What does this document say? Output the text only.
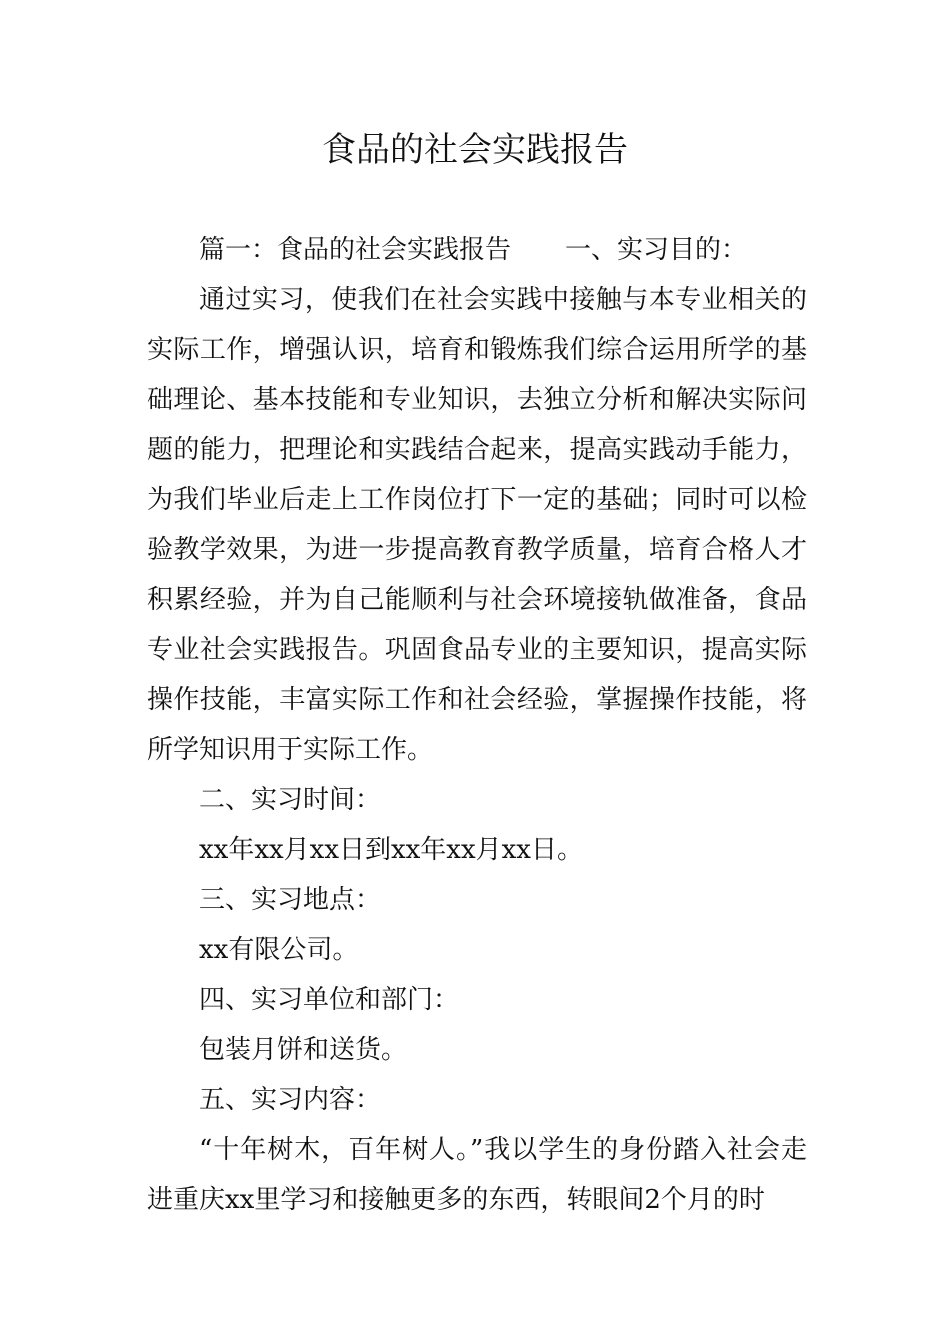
食品的社会实践报告

篇一：食品的社会实践报告 一、实习目的：

通过实习，使我们在社会实践中接触与本专业相关的实际工作，增强认识，培育和锻炼我们综合运用所学的基础理论、基本技能和专业知识，去独立分析和解决实际问题的能力，把理论和实践结合起来，提高实践动手能力，为我们毕业后走上工作岗位打下一定的基础；同时可以检验教学效果，为进一步提高教育教学质量，培育合格人才积累经验，并为自己能顺利与社会环境接轨做准备，食品专业社会实践报告。巩固食品专业的主要知识，提高实际操作技能，丰富实际工作和社会经验，掌握操作技能，将所学知识用于实际工作。

二、实习时间：

xx年xx月xx日到xx年xx月xx日。

三、实习地点：

xx有限公司。

四、实习单位和部门：

包装月饼和送货。

五、实习内容：

“十年树木，百年树人。”我以学生的身份踏入社会走进重庆xx里学习和接触更多的东西，转眼间2个月的时
